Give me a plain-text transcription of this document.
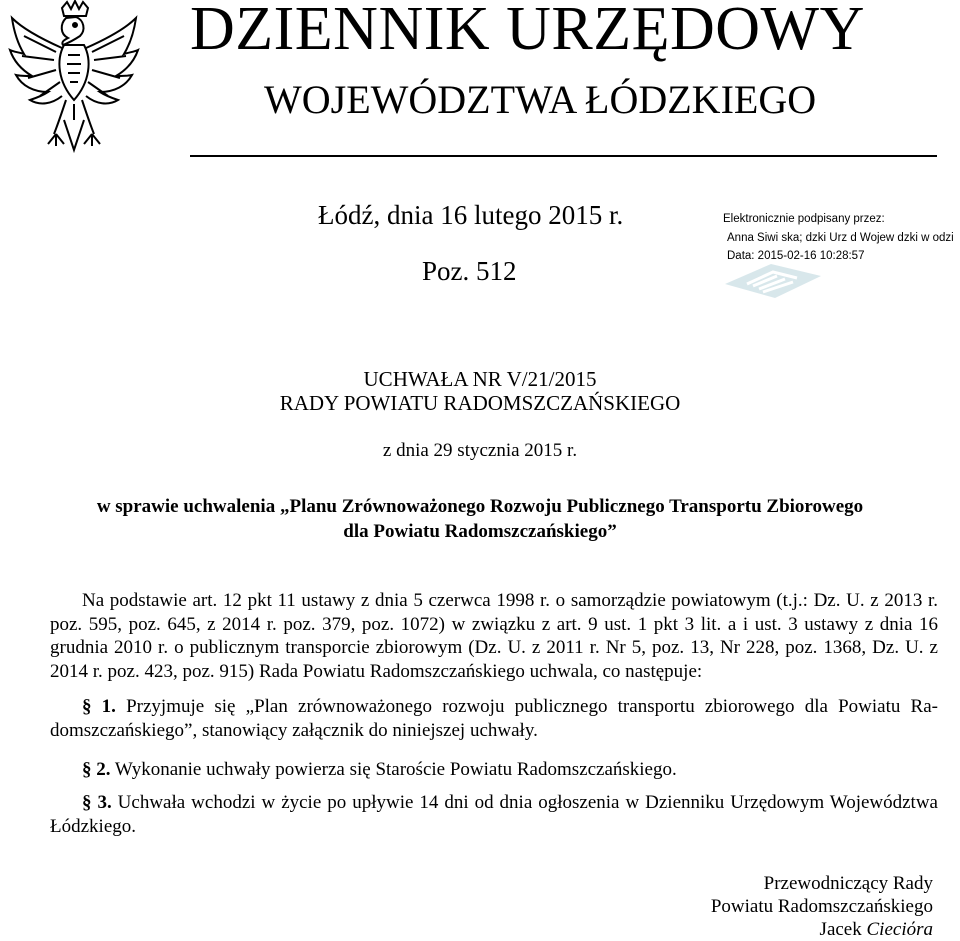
DZIENNIK URZĘDOWY
WOJEWÓDZTWA ŁÓDZKIEGO
Łódź, dnia 16 lutego 2015 r.
Poz. 512
Elektronicznie podpisany przez:
Anna Siwi ska; dzki Urz d Wojew dzki w odzi
Data: 2015-02-16 10:28:57
UCHWAŁA NR V/21/2015
RADY POWIATU RADOMSZCZAŃSKIEGO
z dnia 29 stycznia 2015 r.
w sprawie uchwalenia „Planu Zrównoważonego Rozwoju Publicznego Transportu Zbiorowego
dla Powiatu Radomszczańskiego”
Na podstawie art. 12 pkt 11 ustawy z dnia 5 czerwca 1998 r. o samorządzie powiatowym (t.j.: Dz. U. z 2013 r. poz. 595, poz. 645, z 2014 r. poz. 379, poz. 1072) w związku z art. 9 ust. 1 pkt 3 lit. a i ust. 3 ustawy z dnia 16 grudnia 2010 r. o publicznym transporcie zbiorowym (Dz. U. z 2011 r. Nr 5, poz. 13, Nr 228, poz. 1368, Dz. U. z 2014 r. poz. 423, poz. 915) Rada Powiatu Radomszczańskiego uchwala, co następuje:
§ 1. Przyjmuje się „Plan zrównoważonego rozwoju publicznego transportu zbiorowego dla Powiatu Radomszczańskiego”, stanowiący załącznik do niniejszej uchwały.
§ 2. Wykonanie uchwały powierza się Staroście Powiatu Radomszczańskiego.
§ 3. Uchwała wchodzi w życie po upływie 14 dni od dnia ogłoszenia w Dzienniku Urzędowym Województwa Łódzkiego.
Przewodniczący Rady
Powiatu Radomszczańskiego
Jacek Cieciόra
